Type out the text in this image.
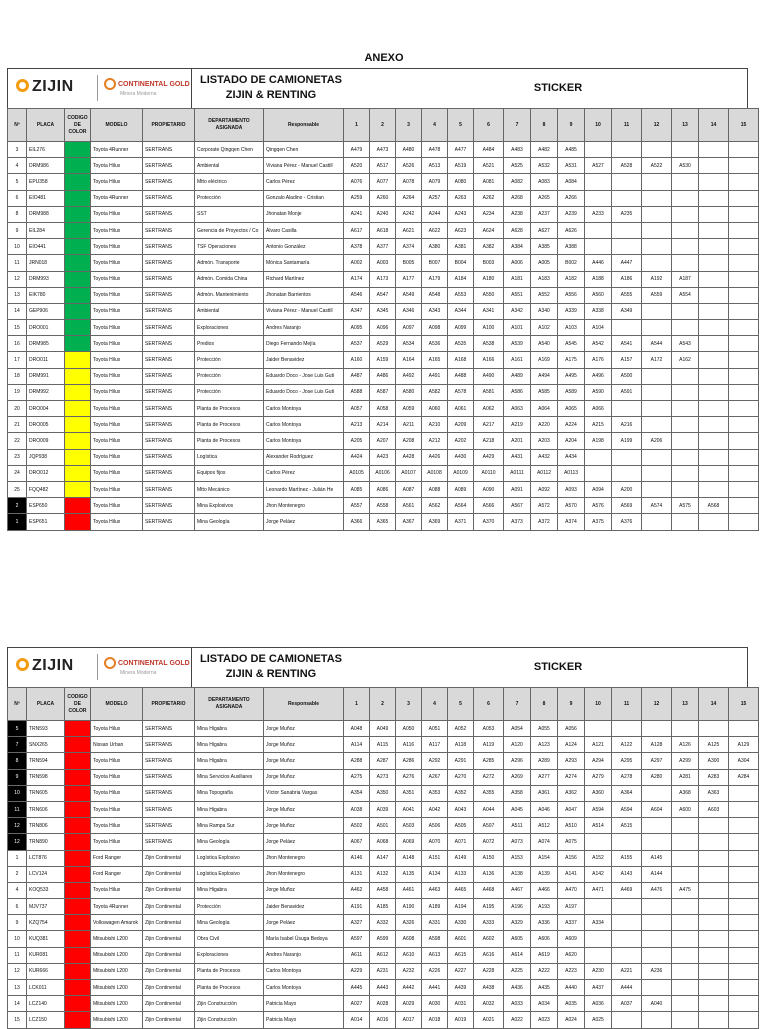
ANEXO
ZIJIN	CONTINENTAL GOLD
Minera Moderna
LISTADO DE CAMIONETAS
ZIJIN & RENTING
STICKER
Nº	PLACA	CODIGO DE COLOR	MODELO	PROPIETARIO	DEPARTAMENTO ASIGNADA	Responsable	1	2	3	4	5	6	7	8	9	10	11	12	13	14	15
3	EIL276		Toyota 4Runner	SERTRANS	Corporate Qingqen Chen	Qingqen Chen	A479	A473	A480	A478	A477	A484	A483	A482	A485						
4	DRM986		Toyota Hilux	SERTRANS	Ambiental	Viviana Pérez - Manuel Castill	A520	A517	A526	A513	A519	A521	A525	A532	A531	A527	A528	A522	A530		
5	EPU358		Toyota Hilux	SERTRANS	Mtto eléctrico	Carlos Pérez	A076	A077	A078	A079	A080	A081	A082	A083	A084						
6	EIO481		Toyota 4Runner	SERTRANS	Protección	Gonzalo Aladino - Cristian	A259	A260	A264	A257	A263	A262	A268	A265	A266						
8	DRM988		Toyota Hilux	SERTRANS	SST	Jhonatan Monje	A241	A240	A242	A244	A243	A234	A238	A237	A239	A233	A235				
9	EIL284		Toyota Hilux	SERTRANS	Gerencia de Proyectos / Co	Álvaro Casilla	A617	A618	A621	A622	A623	A624	A628	A627	A626						
10	EIO441		Toyota Hilux	SERTRANS	TSF Operaciones	Antonio González	A378	A377	A374	A380	A381	A382	A384	A385	A388						
11	JRN018		Toyota Hilux	SERTRANS	Admón. Transporte	Mónica Santamaría	A002	A003	B005	B007	B004	B003	A006	A005	B002	A446	A447				
12	DRM993		Toyota Hilux	SERTRANS	Admón. Comida China	Richard Martínez	A174	A173	A177	A179	A184	A180	A181	A183	A182	A188	A186	A192	A187		
13	EIK780		Toyota Hilux	SERTRANS	Admón. Mantenimiento	Jhonatan Barrientos	A546	A547	A549	A548	A553	A550	A551	A552	A556	A560	A555	A559	A554		
14	GEP906		Toyota Hilux	SERTRANS	Ambiental	Viviana Pérez - Manuel Castill	A347	A345	A346	A343	A344	A341	A342	A340	A339	A338	A349				
15	DRO001		Toyota Hilux	SERTRANS	Exploraciones	Andres Naranjo	A095	A096	A097	A098	A099	A100	A101	A102	A103	A104					
16	DRM985		Toyota Hilux	SERTRANS	Predios	Diego Fernando Mejía	A537	A529	A534	A536	A535	A538	A539	A540	A545	A542	A541	A544	A543		
17	DRO011		Toyota Hilux	SERTRANS	Protección	Jaider Benavidez	A160	A159	A164	A165	A168	A166	A161	A169	A175	A176	A157	A172	A162		
18	DRM991		Toyota Hilux	SERTRANS	Protección	Eduardo Doco - Jose Luis Guti	A487	A486	A492	A491	A488	A490	A489	A494	A495	A496	A500				
19	DRM992		Toyota Hilux	SERTRANS	Protección	Eduardo Doco - Jose Luis Guti	A588	A587	A580	A582	A578	A581	A586	A585	A589	A590	A591				
20	DRO004		Toyota Hilux	SERTRANS	Planta de Procesos	Carlos Montoya	A057	A058	A059	A060	A061	A062	A063	A064	A065	A066					
21	DRO005		Toyota Hilux	SERTRANS	Planta de Procesos	Carlos Montoya	A213	A214	A211	A210	A209	A217	A219	A220	A224	A215	A216				
22	DRO009		Toyota Hilux	SERTRANS	Planta de Procesos	Carlos Montoya	A205	A207	A208	A212	A202	A218	A201	A203	A204	A198	A199	A206			
23	JQP938		Toyota Hilux	SERTRANS	Logística	Alexander Rodríguez	A424	A423	A428	A426	A430	A429	A431	A432	A434						
24	DRO012		Toyota Hilux	SERTRANS	Equipos fijos	Carlos Pérez	A0105	A0106	A0107	A0108	A0109	A0110	A0111	A0112	A0113						
25	FQQ482		Toyota Hilux	SERTRANS	Mtto Mecánico	Leonardo Martínez - Julián He	A085	A086	A087	A088	A089	A090	A091	A092	A093	A094	A200				
2	ESP650		Toyota Hilux	SERTRANS	Mina Explosivos	Jhon Montenegro	A557	A558	A561	A562	A564	A566	A567	A572	A570	A576	A569	A574	A575	A568	
1	ESP651		Toyota Hilux	SERTRANS	Mina Geología	Jorge Peláez	A366	A365	A367	A369	A371	A370	A373	A372	A374	A375	A376				
ZIJIN	CONTINENTAL GOLD
Minera Moderna
LISTADO DE CAMIONETAS
ZIJIN & RENTING
STICKER
Nº	PLACA	CODIGO DE COLOR	MODELO	PROPIETARIO	DEPARTAMENTO ASIGNADA	Responsable	1	2	3	4	5	6	7	8	9	10	11	12	13	14	15
5	TRN593		Toyota Hilux	SERTRANS	Mina Higabra	Jorge Muñoz	A048	A049	A050	A051	A052	A053	A054	A055	A056						
7	SNX265		Nissan Urban	SERTRANS	Mina Higabra	Jorge Muñoz	A114	A115	A116	A117	A118	A119	A120	A123	A124	A121	A122	A128	A126	A125	A129
8	TRN594		Toyota Hilux	SERTRANS	Mina Higabra	Jorge Muñoz	A288	A287	A286	A292	A291	A285	A296	A289	A293	A294	A295	A297	A299	A300	A304
9	TRN598		Toyota Hilux	SERTRANS	Mina Servicios Auxiliares	Jorge Muñoz	A275	A273	A276	A267	A270	A272	A269	A277	A274	A279	A278	A280	A281	A283	A284
10	TRN605		Toyota Hilux	SERTRANS	Mina Topografía	Víctor Sanabria Vargas	A354	A350	A351	A353	A352	A355	A358	A361	A362	A360	A364		A368	A363	
11	TRN606		Toyota Hilux	SERTRANS	Mina Higabra	Jorge Muñoz	A038	A039	A041	A042	A043	A044	A045	A046	A047	A594	A594	A604	A600	A603	
12	TRN806		Toyota Hilux	SERTRANS	Mina Rampa Sur	Jorge Muñoz	A502	A501	A503	A506	A505	A507	A511	A512	A510	A514	A515				
12	TRN890		Toyota Hilux	SERTRANS	Mina Geología	Jorge Peláez	A067	A068	A069	A070	A071	A072	A073	A074	A075						
1	LCT876		Ford Ranger	Zijin Continental	Logística Explosivo	Jhon Montenegro	A146	A147	A148	A151	A149	A150	A153	A154	A156	A152	A155	A145			
2	LCV124		Ford Ranger	Zijin Continental	Logística Explosivo	Jhon Montenegro	A131	A132	A135	A134	A133	A136	A138	A139	A141	A142	A143	A144			
4	KOQ533		Toyota Hilux	Zijin Continental	Mina Higabra	Jorge Muñoz	A462	A458	A461	A463	A465	A468	A467	A466	A470	A471	A469	A476	A475		
6	MJV737		Toyota 4Runner	Zijin Continental	Protección	Jaider Benavidez	A191	A185	A190	A189	A194	A195	A196	A193	A197						
9	KZQ754		Volkswagen Amarok	Zijin Continental	Mina Geología	Jorge Peláez	A327	A332	A326	A331	A330	A333	A329	A336	A337	A334					
10	KUQ381		Mitsubishi L200	Zijin Continental	Obra Civil	María Isabel Úsuga Bedoya	A597	A599	A608	A598	A601	A602	A605	A606	A609						
11	KUR081		Mitsubishi L200	Zijin Continental	Exploraciones	Andres Naranjo	A611	A612	A610	A613	A615	A616	A614	A619	A620						
12	KUR666		Mitsubishi L200	Zijin Continental	Planta de Procesos	Carlos Montoya	A229	A231	A232	A226	A227	A228	A225	A222	A223	A230	A221	A236			
13	LCK011		Mitsubishi L200	Zijin Continental	Planta de Procesos	Carlos Montoya	A445	A443	A442	A441	A439	A438	A436	A435	A440	A437	A444				
14	LCZ140		Mitsubishi L200	Zijin Continental	Zijin Construcción	Patricia Mayo	A027	A028	A029	A030	A031	A032	A033	A034	A035	A036	A037	A040			
15	LCZ150		Mitsubishi L200	Zijin Continental	Zijin Construcción	Patricia Mayo	A014	A016	A017	A018	A019	A021	A022	A023	A024	A025					
